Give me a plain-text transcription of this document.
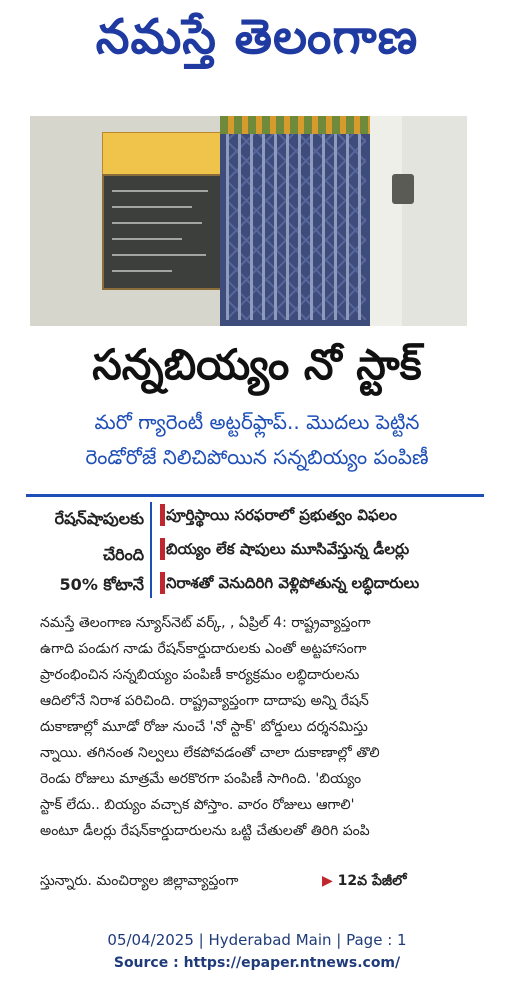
నమస్తే తెలంగాణ
సన్నబియ్యం నో స్టాక్
మరో గ్యారెంటీ అట్టర్‌ఫ్లాప్.. మొదలు పెట్టిన
రెండోరోజే నిలిచిపోయిన సన్నబియ్యం పంపిణీ
రేషన్‌షాపులకు
చేరింది
50% కోటానే
పూర్తిస్థాయి సరఫరాలో ప్రభుత్వం విఫలం
బియ్యం లేక షాపులు మూసివేస్తున్న డీలర్లు
నిరాశతో వెనుదిరిగి వెళ్లిపోతున్న లబ్ధిదారులు
నమస్తే తెలంగాణ న్యూస్‌నెట్ వర్క్, , ఏప్రిల్ 4: రాష్ట్రవ్యాప్తంగా
ఉగాది పండుగ నాడు రేషన్‌కార్డుదారులకు ఎంతో అట్టహాసంగా
ప్రారంభించిన సన్నబియ్యం పంపిణీ కార్యక్రమం లబ్ధిదారులను
ఆదిలోనే నిరాశ పరిచింది. రాష్ట్రవ్యాప్తంగా దాదాపు అన్ని రేషన్
దుకాణాల్లో మూడో రోజు నుంచే 'నో స్టాక్' బోర్డులు దర్శనమిస్తు
న్నాయి. తగినంత నిల్వలు లేకపోవడంతో చాలా దుకాణాల్లో తొలి
రెండు రోజులు మాత్రమే అరకొరగా పంపిణీ సాగింది. 'బియ్యం
స్టాక్ లేదు.. బియ్యం వచ్చాక పోస్తాం. వారం రోజులు ఆగాలి'
అంటూ డీలర్లు రేషన్‌కార్డుదారులను ఒట్టి చేతులతో తిరిగి పంపి
స్తున్నారు. మంచిర్యాల జిల్లావ్యాప్తంగా	▶ 12వ పేజీలో
05/04/2025 | Hyderabad Main | Page : 1
Source : https://epaper.ntnews.com/
